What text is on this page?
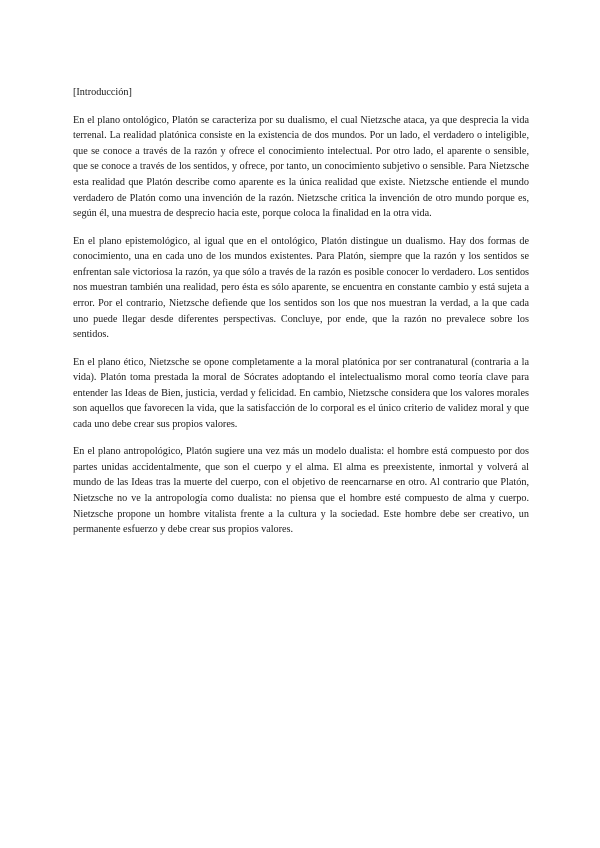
[Introducción]

En el plano ontológico, Platón se caracteriza por su dualismo, el cual Nietzsche ataca, ya que desprecia la vida terrenal. La realidad platónica consiste en la existencia de dos mundos. Por un lado, el verdadero o inteligible, que se conoce a través de la razón y ofrece el conocimiento intelectual. Por otro lado, el aparente o sensible, que se conoce a través de los sentidos, y ofrece, por tanto, un conocimiento subjetivo o sensible. Para Nietzsche esta realidad que Platón describe como aparente es la única realidad que existe. Nietzsche entiende el mundo verdadero de Platón como una invención de la razón. Nietzsche critica la invención de otro mundo porque es, según él, una muestra de desprecio hacia este, porque coloca la finalidad en la otra vida.

En el plano epistemológico, al igual que en el ontológico, Platón distingue un dualismo. Hay dos formas de conocimiento, una en cada uno de los mundos existentes. Para Platón, siempre que la razón y los sentidos se enfrentan sale victoriosa la razón, ya que sólo a través de la razón es posible conocer lo verdadero. Los sentidos nos muestran también una realidad, pero ésta es sólo aparente, se encuentra en constante cambio y está sujeta a error. Por el contrario, Nietzsche defiende que los sentidos son los que nos muestran la verdad, a la que cada uno puede llegar desde diferentes perspectivas. Concluye, por ende, que la razón no prevalece sobre los sentidos.

En el plano ético, Nietzsche se opone completamente a la moral platónica por ser contranatural (contraria a la vida). Platón toma prestada la moral de Sócrates adoptando el intelectualismo moral como teoría clave para entender las Ideas de Bien, justicia, verdad y felicidad. En cambio, Nietzsche considera que los valores morales son aquellos que favorecen la vida, que la satisfacción de lo corporal es el único criterio de validez moral y que cada uno debe crear sus propios valores.

En el plano antropológico, Platón sugiere una vez más un modelo dualista: el hombre está compuesto por dos partes unidas accidentalmente, que son el cuerpo y el alma. El alma es preexistente, inmortal y volverá al mundo de las Ideas tras la muerte del cuerpo, con el objetivo de reencarnarse en otro. Al contrario que Platón, Nietzsche no ve la antropología como dualista: no piensa que el hombre esté compuesto de alma y cuerpo. Nietzsche propone un hombre vitalista frente a la cultura y la sociedad. Este hombre debe ser creativo, un permanente esfuerzo y debe crear sus propios valores.
